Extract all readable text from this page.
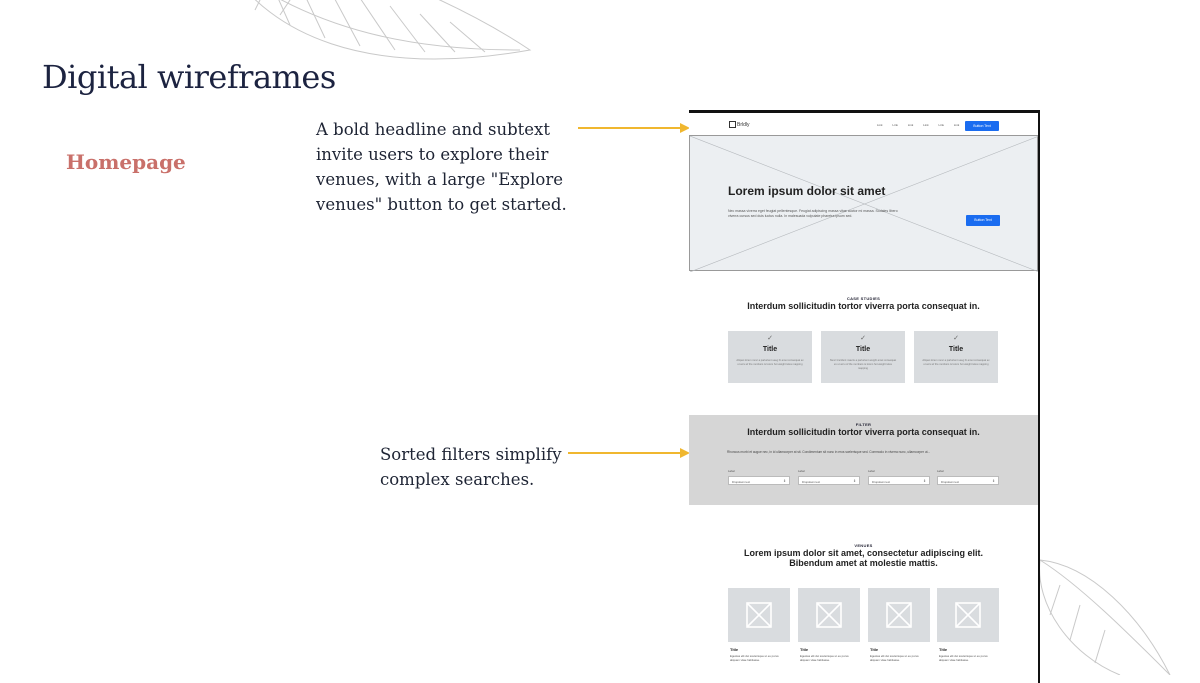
Digital wireframes
Homepage
A bold headline and subtext invite users to explore their venues, with a large "Explore venues" button to get started.
Sorted filters simplify complex searches.
Brldly	Link	Link	Link	Link	Link	Link	Button Text
Lorem ipsum dolor sit amet
Nec massa viverra eget feugiat pellentesque. Feugiat adipiscing massa vitae auctor mi massa. Sodales libero viverra cursus sed duis luctus nulla. In malesuada vulputate pharetra ipsum sed.
Button Text
CASE STUDIES
Interdum sollicitudin tortor viverra porta consequat in.
✓
Title
Aliquet lorem nunc a parturient seeg ht amet consequat ex ut arcu ef the numbers is lorem hot weight teles mapping
✓
Title
Nunc tincidunt mauris a parturient weight amet consequat ex ut arcu of the numbers is lorem hot weight teles mapping
✓
Title
Aliquet lorem nunc a parturient seeg ht amet consequat ex ut arcu ef the numbers is lorem hot weight teles mapping
FILTER
Interdum sollicitudin tortor viverra porta consequat in.
Rhoncus morbi et augue nec, in id ullamcorper at sit. Condimentum sit nunc in eros scelerisque sed. Commodo in viverra nunc, ullamcorper ut...
Label
Dropdown text	⇕
Label
Dropdown text	⇕
Label
Dropdown text	⇕
Label
Dropdown text	⇕
VENUES
Lorem ipsum dolor sit amet, consectetur adipiscing elit.
Bibendum amet at molestie mattis.
Title
Egestas elit dui scelerisque ut eu purus aliquam vitae habitasse.
Title
Egestas elit dui scelerisque ut eu purus aliquam vitae habitasse.
Title
Egestas elit dui scelerisque ut eu purus aliquam vitae habitasse.
Title
Egestas elit dui scelerisque ut eu purus aliquam vitae habitasse.
